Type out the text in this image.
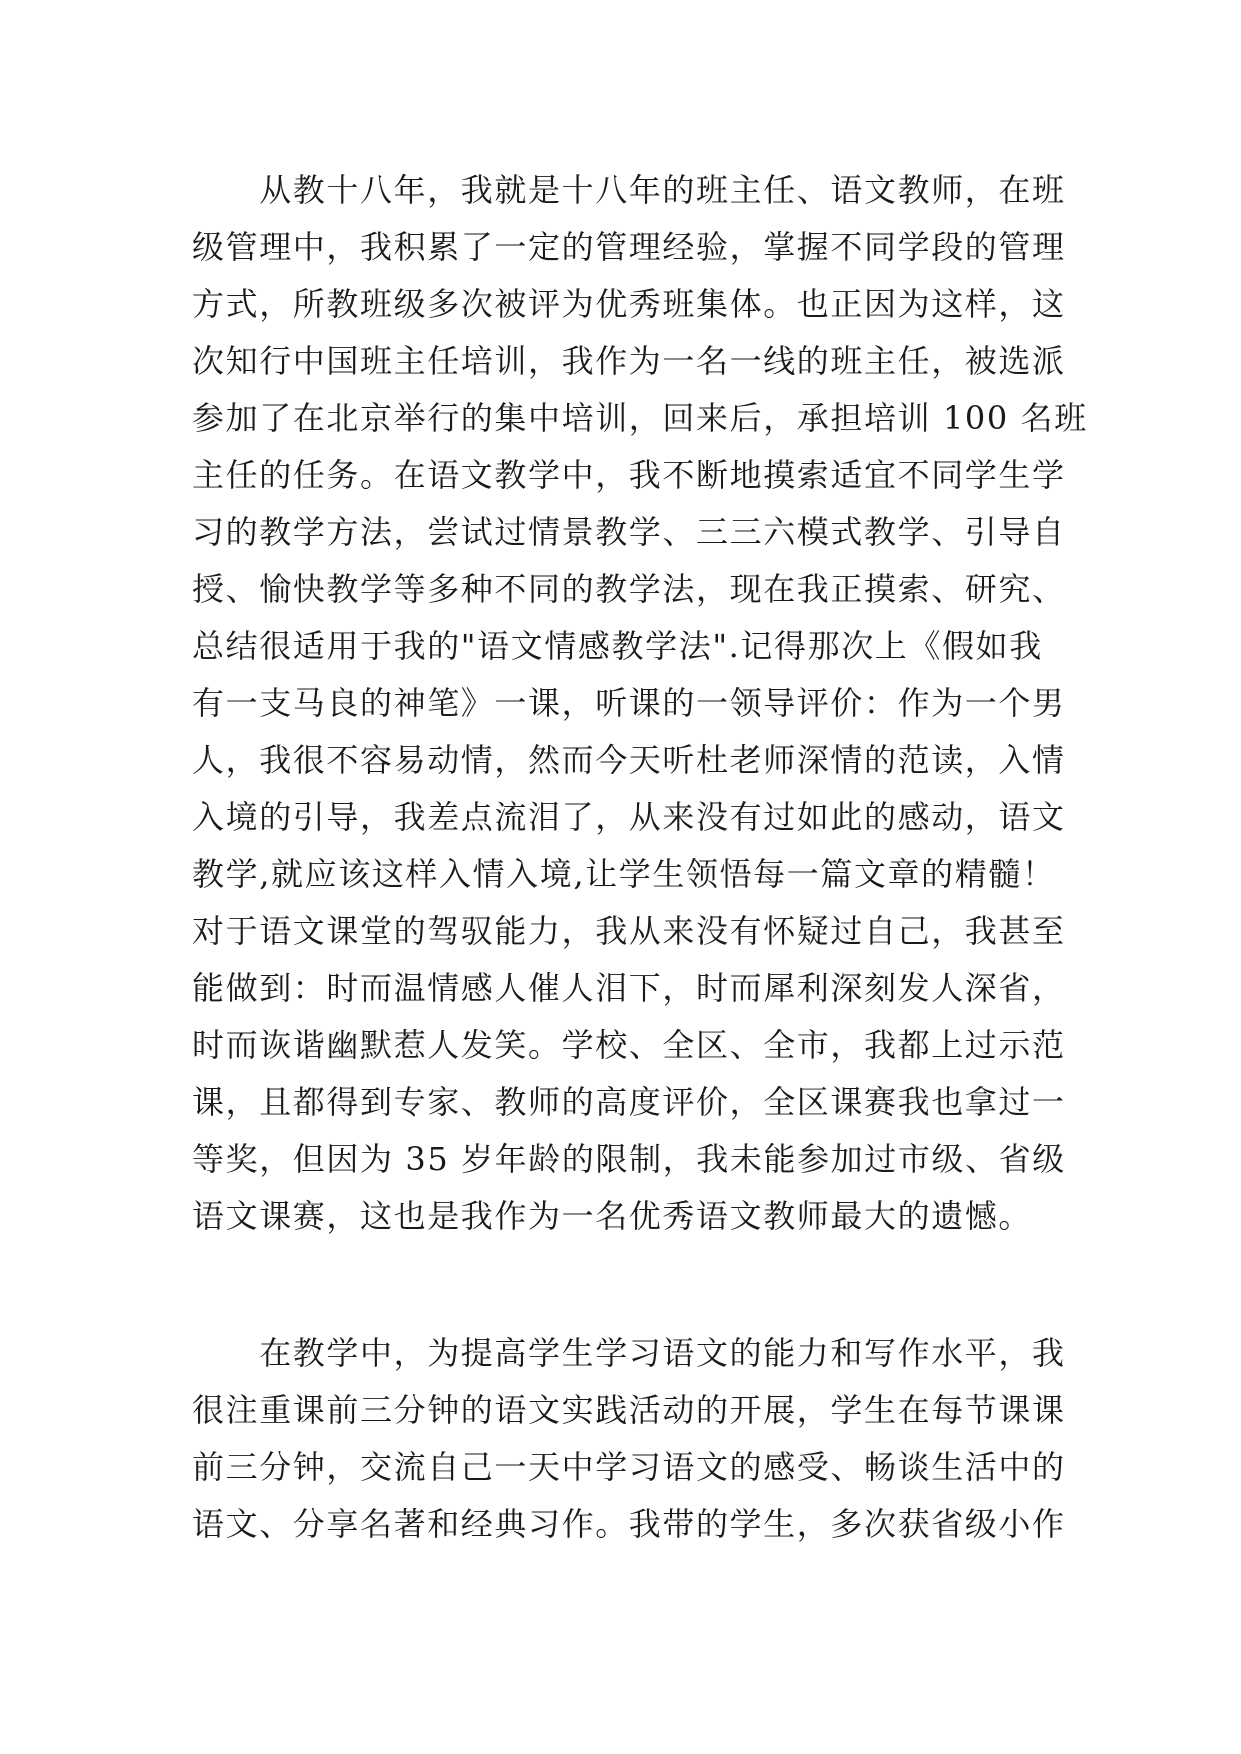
　　从教十八年，我就是十八年的班主任、语文教师，在班
级管理中，我积累了一定的管理经验，掌握不同学段的管理
方式，所教班级多次被评为优秀班集体。也正因为这样，这
次知行中国班主任培训，我作为一名一线的班主任，被选派
参加了在北京举行的集中培训，回来后，承担培训 100 名班
主任的任务。在语文教学中，我不断地摸索适宜不同学生学
习的教学方法，尝试过情景教学、三三六模式教学、引导自
授、愉快教学等多种不同的教学法，现在我正摸索、研究、
总结很适用于我的"语文情感教学法".记得那次上《假如我
有一支马良的神笔》一课，听课的一领导评价：作为一个男
人，我很不容易动情，然而今天听杜老师深情的范读，入情
入境的引导，我差点流泪了，从来没有过如此的感动，语文
教学,就应该这样入情入境,让学生领悟每一篇文章的精髓！
对于语文课堂的驾驭能力，我从来没有怀疑过自己，我甚至
能做到：时而温情感人催人泪下，时而犀利深刻发人深省，
时而诙谐幽默惹人发笑。学校、全区、全市，我都上过示范
课，且都得到专家、教师的高度评价，全区课赛我也拿过一
等奖，但因为 35 岁年龄的限制，我未能参加过市级、省级
语文课赛，这也是我作为一名优秀语文教师最大的遗憾。
　　在教学中，为提高学生学习语文的能力和写作水平，我
很注重课前三分钟的语文实践活动的开展，学生在每节课课
前三分钟，交流自己一天中学习语文的感受、畅谈生活中的
语文、分享名著和经典习作。我带的学生，多次获省级小作
